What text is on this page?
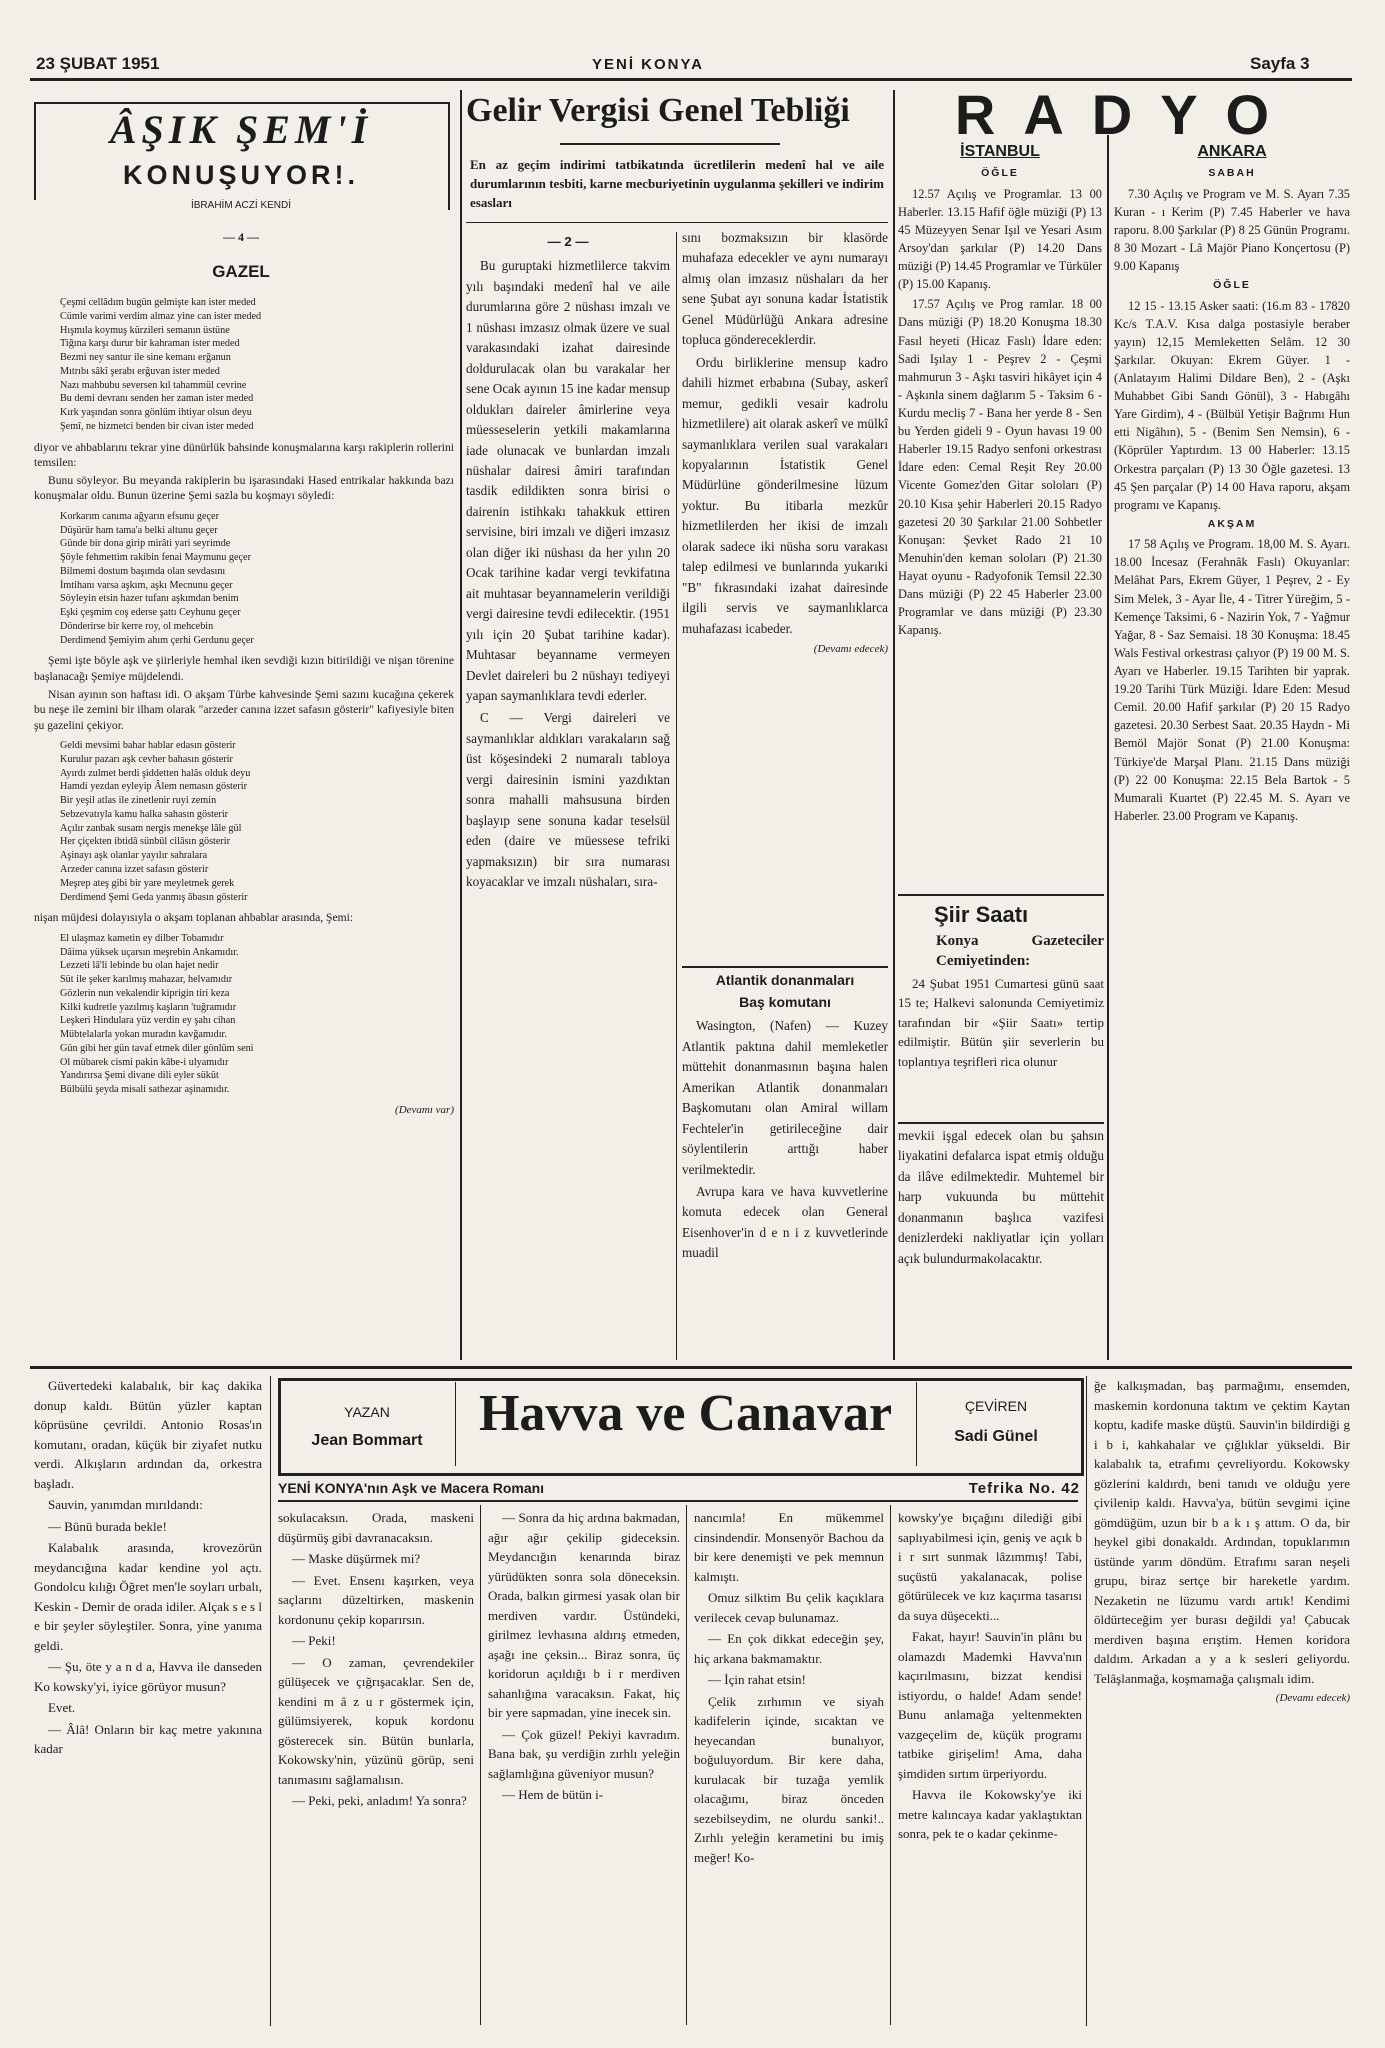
23 ŞUBAT 1951	YENİ KONYA	Sayfa 3
ÂŞIK ŞEM'İ
KONUŞUYOR!.
İBRAHİM ACZİ KENDİ
— 4 —
GAZEL
Çeşmi cellâdım bugün gelmişte kan ister meded
Cümle varimi verdim almaz yine can ister meded
Hışmıla koymuş kürzileri semanın üstüne
Tiğına karşı durur bir kahraman ister meded
Bezmi ney santur ile sine kemanı erğanun
Mıtrıbı sâkî şerabı erğuvan ister meded
Nazı mahbubu seversen kıl tahammül cevrine
Bu demi devranı senden her zaman ister meded
Kırk yaşından sonra gönlüm ihtiyar olsun deyu
Şemî, ne hizmetci benden bir civan ister meded

diyor ve ahbablarını tekrar yine dünürlük bahsinde konuşmalarına karşı rakiplerin rollerini temsilen:

Bunu söyleyor. Bu meyanda rakiplerin bu işarasındaki Hased entrikalar hakkında bazı konuşmalar oldu. Bunun üzerine Şemi sazla bu koşmayı söyledi:

Korkarım canıma ağyarın efsunu geçer
Düşürür ham tama'a belki altunu geçer
Günde bir dona girip mirâti yari seyrimde
Şöyle fehmettim rakibin fenai Maymunu geçer
Bilmemi dostum başımda olan sevdasını
İmtihanı varsa aşkım, aşkı Mecnunu geçer
Söyleyin etsin hazer tufanı aşkımdan benim
Eşki çeşmim coş ederse şattı Ceyhunu geçer
Dönderirse bir kerre roy, ol mehcebin
Derdimend Şemiyim ahım çerhi Gerdunu geçer

Şemi işte böyle aşk ve şiirleriyle hemhal iken sevdiği kızın bitirildiği ve nişan törenine başlanacağı Şemiye müjdelendi.

Nisan ayının son haftası idi. O akşam Türbe kahvesinde Şemi sazını kucağına çekerek bu neşe ile zemini bir ilham olarak "arzeder canına izzet safasın gösterir" kafiyesiyle biten şu gazelini çekiyor.

Geldi mevsimi bahar hablar edasın gösterir
Kurulur pazarı aşk cevher bahasın gösterir
Ayırdı zulmet berdi şiddetten halâs olduk deyu
Hamdi yezdan eyleyip Âlem nemasın gösterir
Bir yeşil atlas ile zinetlenir ruyi zemin
Sebzevatıyla kamu halka sahasın gösterir
Açılır zanbak susam nergis menekşe lâle gül
Her çiçekten ibtidâ sünbül cilâsın gösterir
Aşinayı aşk olanlar yayılır sahralara
Arzeder canına izzet safasın gösterir
Meşrep ateş gibi bir yare meyletmek gerek
Derdimend Şemi Geda yanmış âbasın gösterir

nişan müjdesi dolayısıyla o akşam toplanan ahbablar arasında, Şemi:

El ulaşmaz kametin ey dilber Tobamıdır
Dâima yüksek uçarsın meşrebin Ankamıdır.
Lezzeti lâ'li lebinde bu olan hajet nedir
Süt ile şeker karılmış mahazar, helvamıdır
Gözlerin nun vekalendir kiprigin tiri keza
Kilki kudretle yazılmış kaşların 'tuğramıdır
Leşkeri Hindulara yüz verdin ey şahı cihan
Mübtelalarla yokan muradın kavğamıdır.
Gün gibi her gün tavaf etmek diler gönlüm seni
Ol mübarek cismi pakin kâbe-i ulyamıdır
Yandırırsa Şemi divane dili eyler sükût
Bülbülü şeyda misali sathezar aşinamıdır.

(Devamı var)

Gelir Vergisi Genel Tebliği
En az geçim indirimi tatbikatında ücretlilerin medenî hal ve aile durumlarının tesbiti, karne mecburiyetinin uygulanma şekilleri ve indirim esasları

— 2 —

Bu guruptaki hizmetlilerce takvim yılı başındaki medenî hal ve aile durumlarına göre 2 nüshası imzalı ve 1 nüshası imzasız olmak üzere ve sual varakasındaki izahat dairesinde doldurulacak olan bu varakalar her sene Ocak ayının 15 ine kadar mensup oldukları daireler âmirlerine veya müesseselerin yetkili makamlarına iade olunacak ve bunlardan imzalı nüshalar dairesi âmiri tarafından tasdik edildikten sonra birisi o dairenin istihkakı tahakkuk ettiren servisine, biri imzalı ve diğeri imzasız olan diğer iki nüshası da her yılın 20 Ocak tarihine kadar vergi tevkifatına ait muhtasar beyannamelerin verildiği vergi dairesine tevdi edilecektir. (1951 yılı için 20 Şubat tarihine kadar). Muhtasar beyanname vermeyen Devlet daireleri bu 2 nüshayı tediyeyi yapan saymanlıklara tevdi ederler.

C — Vergi daireleri ve saymanlıklar aldıkları varakaların sağ üst köşesindeki 2 numaralı tabloya vergi dairesinin ismini yazdıktan sonra mahalli mahsusuna birden başlayıp sene sonuna kadar teselsül eden (daire ve müessese tefriki yapmaksızın) bir sıra numarası koyacaklar ve imzalı nüshaları, sıra-

sını bozmaksızın bir klasörde muhafaza edecekler ve aynı numarayı almış olan imzasız nüshaları da her sene Şubat ayı sonuna kadar İstatistik Genel Müdürlüğü Ankara adresine topluca göndereceklerdir.

Ordu birliklerine mensup kadro dahili hizmet erbabına (Subay, askerî memur, gedikli vesair kadrolu hizmetlilere) ait olarak askerî ve mülkî saymanlıklara verilen sual varakaları kopyalarının İstatistik Genel Müdürlüne gönderilmesine lüzum yoktur. Bu itibarla mezkûr hizmetlilerden her ikisi de imzalı olarak sadece iki nüsha soru varakası talep edilmesi ve bunlarında yukarıki "B" fıkrasındaki izahat dairesinde ilgili servis ve saymanlıklarca muhafazası icabeder.

(Devamı edecek)

Atlantik donanmaları

Baş komutanı

Wasington, (Nafen) — Kuzey Atlantik paktına dahil memleketler müttehit donanmasının başına halen Amerikan Atlantik donanmaları Başkomutanı olan Amiral willam Fechteler'in getirileceğine dair söylentilerin arttığı haber verilmektedir.

Avrupa kara ve hava kuvvetlerine komuta edecek olan General Eisenhover'in d e n i z kuvvetlerinde muadil

RADYO
İSTANBUL
ÖĞLE

12.57 Açılış ve Programlar. 13 00 Haberler. 13.15 Hafif öğle müziği (P) 13 45 Müzeyyen Senar Işıl ve Yesari Asım Arsoy'dan şarkılar (P) 14.20 Dans müziği (P) 14.45 Programlar ve Türküler (P) 15.00 Kapanış.

17.57 Açılış ve Prog ramlar. 18 00 Dans müziği (P) 18.20 Konuşma 18.30 Fasıl heyeti (Hicaz Faslı) İdare eden: Sadi Işılay 1 - Peşrev 2 - Çeşmi mahmurun 3 - Aşkı tasviri hikâyet için 4 - Aşkınla sinem dağlarım 5 - Taksim 6 - Kurdu mecliş 7 - Bana her yerde 8 - Sen bu Yerden gideli 9 - Oyun havası 19 00 Haberler 19.15 Radyo senfoni orkestrası İdare eden: Cemal Reşit Rey 20.00 Vicente Gomez'den Gitar soloları (P) 20.10 Kısa şehir Haberleri 20.15 Radyo gazetesi 20 30 Şarkılar 21.00 Sohbetler Konuşan: Şevket Rado 21 10 Menuhin'den keman soloları (P) 21.30 Hayat oyunu - Radyofonik Temsil 22.30 Dans müziği (P) 22 45 Haberler 23.00 Programlar ve dans müziği (P) 23.30 Kapanış.

ANKARA
SABAH

7.30 Açılış ve Program ve M. S. Ayarı 7.35 Kuran - ı Kerim (P) 7.45 Haberler ve hava raporu. 8.00 Şarkılar (P) 8 25 Günün Programı. 8 30 Mozart - Lâ Majör Piano Konçertosu (P) 9.00 Kapanış

ÖĞLE

12 15 - 13.15 Asker saati: (16.m 83 - 17820 Kc/s T.A.V. Kısa dalga postasiyle beraber yayın) 12,15 Memleketten Selâm. 12 30 Şarkılar. Okuyan: Ekrem Güyer. 1 - (Anlatayım Halimi Dildare Ben), 2 - (Aşkı Muhabbet Gibi Sandı Gönül), 3 - Habıgâhı Yare Girdim), 4 - (Bülbül Yetişir Bağrımı Hun etti Nigâhın), 5 - (Benim Sen Nemsin), 6 - (Köprüler Yaptırdım. 13 00 Haberler: 13.15 Orkestra parçaları (P) 13 30 Öğle gazetesi. 13 45 Şen parçalar (P) 14 00 Hava raporu, akşam programı ve Kapanış.

AKŞAM

17 58 Açılış ve Program. 18,00 M. S. Ayarı. 18.00 İncesaz (Ferahnâk Faslı) Okuyanlar: Melâhat Pars, Ekrem Güyer, 1 Peşrev, 2 - Ey Sim Melek, 3 - Ayar İle, 4 - Titrer Yüreğim, 5 - Kemençe Taksimi, 6 - Nazirin Yok, 7 - Yağmur Yağar, 8 - Saz Semaisi. 18 30 Konuşma: 18.45 Wals Festival orkestrası çalıyor (P) 19 00 M. S. Ayarı ve Haberler. 19.15 Tarihten bir yaprak. 19.20 Tarihi Türk Müziği. İdare Eden: Mesud Cemil. 20.00 Hafif şarkılar (P) 20 15 Radyo gazetesi. 20.30 Serbest Saat. 20.35 Haydn - Mi Bemöl Majör Sonat (P) 21.00 Konuşma: Türkiye'de Marşal Planı. 21.15 Dans müziği (P) 22 00 Konuşma: 22.15 Bela Bartok - 5 Mumarali Kuartet (P) 22.45 M. S. Ayarı ve Haberler. 23.00 Program ve Kapanış.

Şiir Saatı
Konya Gazeteciler Cemiyetinden:

24 Şubat 1951 Cumartesi günü saat 15 te; Halkevi salonunda Cemiyetimiz tarafından bir «Şiir Saatı» tertip edilmiştir. Bütün şiir severlerin bu toplantıya teşrifleri rica olunur

mevkii işgal edecek olan bu şahsın liyakatini defalarca ispat etmiş olduğu da ilâve edilmektedir. Muhtemel bir harp vukuunda bu müttehit donanmanın başlıca vazifesi denizlerdeki nakliyatlar için yolları açık bulundurmakolacaktır.

YAZAN
Jean Bommart	Havva ve Canavar	ÇEVİREN
Sadi Günel
YENİ KONYA'nın Aşk ve Macera Romanı	Tefrika No. 42

Güvertedeki kalabalık, bir kaç dakika donup kaldı. Bütün yüzler kaptan köprüsüne çevrildi. Antonio Rosas'ın komutanı, oradan, küçük bir ziyafet nutku verdi. Alkışların ardından da, orkestra başladı.

Sauvin, yanımdan mırıldandı:

— Bünü burada bekle!

Kalabalık arasında, krovezörün meydancığına kadar kendine yol açtı. Gondolcu kılığı Öğret men'le soyları urbalı, Keskin - Demir de orada idiler. Alçak s e s l e bir şeyler söyleştiler. Sonra, yine yanıma geldi.

— Şu, öte y a n d a, Havva ile danseden Ko kowsky'yi, iyice görüyor musun?

Evet.

— Âlâ! Onların bir kaç metre yakınına kadar

sokulacaksın. Orada, maskeni düşürmüş gibi davranacaksın.

— Maske düşürmek mi?

— Evet. Ensenı kaşırken, veya saçlarını düzeltirken, maskenin kordonunu çekip koparırsın.

— Peki!

— O zaman, çevrendekiler gülüşecek ve çığrışacaklar. Sen de, kendini m â z u r göstermek için, gülümsiyerek, kopuk kordonu gösterecek sin. Bütün bunlarla, Kokowsky'nin, yüzünü görüp, seni tanımasını sağlamalısın.

— Peki, peki, anladım! Ya sonra?

— Sonra da hiç ardına bakmadan, ağır ağır çekilip gideceksin. Meydancığın kenarında biraz yürüdükten sonra sola döneceksin. Orada, balkın girmesi yasak olan bir merdiven vardır. Üstündeki, girilmez levhasına aldırış etmeden, aşağı ine çeksin... Biraz sonra, üç koridorun açıldığı b i r merdiven sahanlığına varacaksın. Fakat, hiç bir yere sapmadan, yine inecek sin.

— Çok güzel! Pekiyi kavradım. Bana bak, şu verdiğin zırhlı yeleğin sağlamlığına güveniyor musun?

— Hem de bütün i-

nancımla! En mükemmel cinsindendir. Monsenyör Bachou da bir kere denemişti ve pek memnun kalmıştı.

Omuz silktim Bu çelik kaçıklara verilecek cevap bulunamaz.

— En çok dikkat edeceğin şey, hiç arkana bakmamaktır.

— İçin rahat etsin!

Çelik zırhımın ve siyah kadifelerin içinde, sıcaktan ve heyecandan bunalıyor, boğuluyordum. Bir kere daha, kurulacak bir tuzağa yemlik olacağımı, biraz önceden sezebilseydim, ne olurdu sanki!.. Zırhlı yeleğin kerametini bu imiş meğer! Ko-

kowsky'ye bıçağını dilediği gibi saplıyabilmesi için, geniş ve açık b i r sırt sunmak lâzımmış! Tabi, suçüstü yakalanacak, polise götürülecek ve kız kaçırma tasarısı da suya düşecekti...

Fakat, hayır! Sauvin'in plânı bu olamazdı Mademki Havva'nın kaçırılmasını, bizzat kendisi istiyordu, o halde! Adam sende! Bunu anlamağa yeltenmekten vazgeçelim de, küçük programı tatbike girişelim! Ama, daha şimdiden sırtım ürperiyordu.

Havva ile Kokowsky'ye iki metre kalıncaya kadar yaklaştıktan sonra, pek te o kadar çekinme-

ğe kalkışmadan, baş parmağımı, ensemden, maskemin kordonuna taktım ve çektim Kaytan koptu, kadife maske düştü. Sauvin'in bildirdiği g i b i, kahkahalar ve çığlıklar yükseldi. Bir kalabalık ta, etrafımı çevreliyordu. Kokowsky gözlerini kaldırdı, beni tanıdı ve olduğu yere çivilenip kaldı. Havva'ya, bütün sevgimi içine gömdüğüm, uzun bir b a k ı ş attım. O da, bir heykel gibi donakaldı. Ardından, topuklarımın üstünde yarım döndüm. Etrafımı saran neşeli grupu, biraz sertçe bir hareketle yardım. Nezaketin ne lüzumu vardı artık! Kendimi öldürteceğim yer burası değildi ya! Çabucak merdiven başına erıştim. Hemen koridora daldım. Arkadan a y a k sesleri geliyordu. Telâşlanmağa, koşmamağa çalışmalı idim.

(Devamı edecek)
